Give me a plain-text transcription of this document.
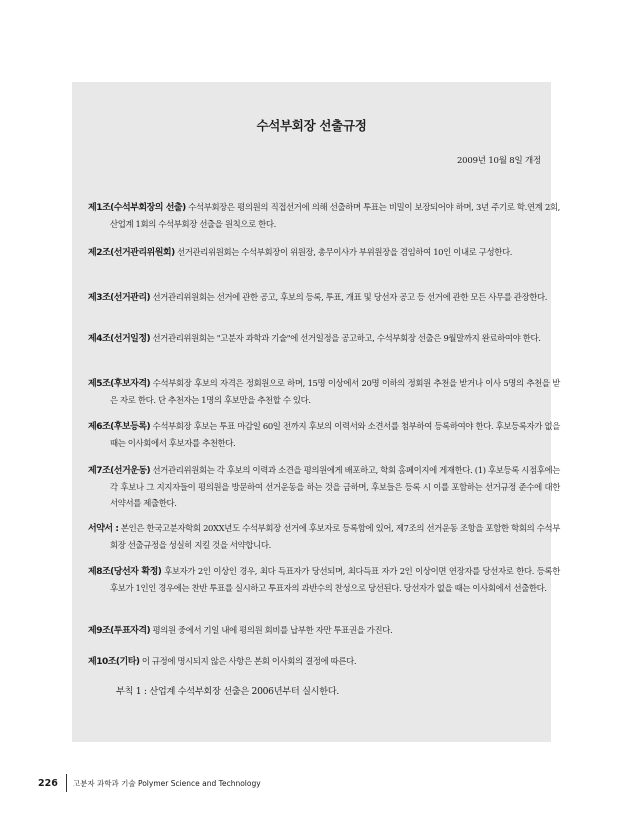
수석부회장 선출규정
2009년 10월 8일 개정
제1조(수석부회장의 선출) 수석부회장은 평의원의 직접선거에 의해 선출하며 투표는 비밀이 보장되어야 하며, 3년 주기로 학.연계 2회, 산업계 1회의 수석부회장 선출을 원칙으로 한다.
제2조(선거관리위원회) 선거관리위원회는 수석부회장이 위원장, 총무이사가 부위원장을 겸임하여 10인 이내로 구성한다.
제3조(선거관리) 선거관리위원회는 선거에 관한 공고, 후보의 등록, 투표, 개표 및 당선자 공고 등 선거에 관한 모든 사무를 관장한다.
제4조(선거일정) 선거관리위원회는 "고분자 과학과 기술"에 선거일정을 공고하고, 수석부회장 선출은 9월말까지 완료하여야 한다.
제5조(후보자격) 수석부회장 후보의 자격은 정회원으로 하며, 15명 이상에서 20명 이하의 정회원 추천을 받거나 이사 5명의 추천을 받은 자로 한다. 단 추천자는 1명의 후보만을 추천할 수 있다.
제6조(후보등록) 수석부회장 후보는 투표 마감일 60일 전까지 후보의 이력서와 소견서를 첨부하여 등록하여야 한다. 후보등록자가 없을 때는 이사회에서 후보자를 추천한다.
제7조(선거운동) 선거관리위원회는 각 후보의 이력과 소견을 평의원에게 배포하고, 학회 홈페이지에 게재한다. (1) 후보등록 시점후에는 각 후보나 그 지지자들이 평의원을 방문하여 선거운동을 하는 것을 금하며, 후보들은 등록 시 이를 포함하는 선거규정 준수에 대한 서약서를 제출한다.
서약서 : 본인은 한국고분자학회 20XX년도 수석부회장 선거에 후보자로 등록함에 있어, 제7조의 선거운동 조항을 포함한 학회의 수석부회장 선출규정을 성실히 지킬 것을 서약합니다.
제8조(당선자 확정) 후보자가 2인 이상인 경우, 최다 득표자가 당선되며, 최다득표 자가 2인 이상이면 연장자를 당선자로 한다. 등록한 후보가 1인인 경우에는 찬반 투표를 실시하고 투표자의 과반수의 찬성으로 당선된다. 당선자가 없을 때는 이사회에서 선출한다.
제9조(투표자격) 평의원 중에서 기일 내에 평의원 회비를 납부한 자만 투표권을 가진다.
제10조(기타) 이 규정에 명시되지 않은 사항은 본회 이사회의 결정에 따른다.
부칙 1 : 산업계 수석부회장 선출은 2006년부터 실시한다.
226 고분자 과학과 기술 Polymer Science and Technology
